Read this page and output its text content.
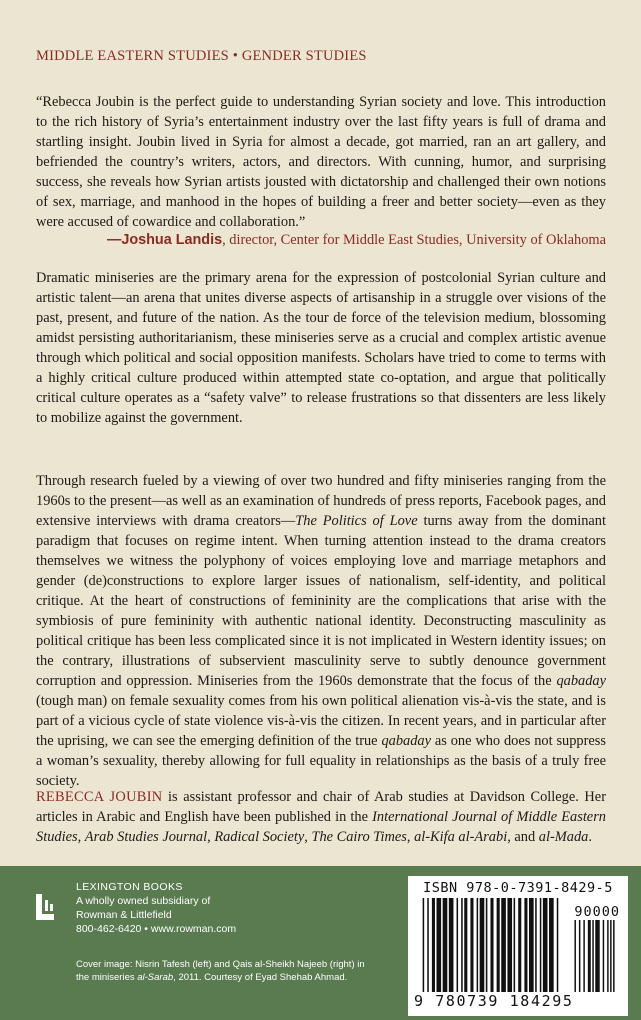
MIDDLE EASTERN STUDIES • GENDER STUDIES
“Rebecca Joubin is the perfect guide to understanding Syrian society and love. This introduction to the rich history of Syria’s entertainment industry over the last fifty years is full of drama and startling insight. Joubin lived in Syria for almost a decade, got married, ran an art gallery, and befriended the country’s writers, actors, and directors. With cunning, humor, and surprising success, she reveals how Syrian artists jousted with dictatorship and challenged their own notions of sex, marriage, and manhood in the hopes of building a freer and better society—even as they were accused of cowardice and collaboration.”
—Joshua Landis, director, Center for Middle East Studies, University of Oklahoma
Dramatic miniseries are the primary arena for the expression of postcolonial Syrian culture and artistic talent—an arena that unites diverse aspects of artisanship in a struggle over visions of the past, present, and future of the nation. As the tour de force of the television medium, blossoming amidst persisting authoritarianism, these miniseries serve as a crucial and complex artistic avenue through which political and social opposition manifests. Scholars have tried to come to terms with a highly critical culture produced within attempted state co-optation, and argue that politically critical culture operates as a “safety valve” to release frustrations so that dissenters are less likely to mobilize against the government.
Through research fueled by a viewing of over two hundred and fifty miniseries ranging from the 1960s to the present—as well as an examination of hundreds of press reports, Facebook pages, and extensive interviews with drama creators—The Politics of Love turns away from the dominant paradigm that focuses on regime intent. When turning attention instead to the drama creators themselves we witness the polyphony of voices employing love and marriage metaphors and gender (de)constructions to explore larger issues of nationalism, self-identity, and political critique. At the heart of constructions of femininity are the complications that arise with the symbiosis of pure femininity with authentic national identity. Deconstructing masculinity as political critique has been less complicated since it is not implicated in Western identity issues; on the contrary, illustrations of subservient masculinity serve to subtly denounce government corruption and oppression. Miniseries from the 1960s demonstrate that the focus of the qabaday (tough man) on female sexuality comes from his own political alienation vis-à-vis the state, and is part of a vicious cycle of state violence vis-à-vis the citizen. In recent years, and in particular after the uprising, we can see the emerging definition of the true qabaday as one who does not suppress a woman’s sexuality, thereby allowing for full equality in relationships as the basis of a truly free society.
REBECCA JOUBIN is assistant professor and chair of Arab studies at Davidson College. Her articles in Arabic and English have been published in the International Journal of Middle Eastern Studies, Arab Studies Journal, Radical Society, The Cairo Times, al-Kifa al-Arabi, and al-Mada.
LEXINGTON BOOKS
A wholly owned subsidiary of
Rowman & Littlefield
800-462-6420 • www.rowman.com
Cover image: Nisrin Tafesh (left) and Qais al-Sheikh Najeeb (right) in the miniseries al-Sarab, 2011. Courtesy of Eyad Shehab Ahmad.
ISBN 978-0-7391-8429-5
90000
9 780739 184295
